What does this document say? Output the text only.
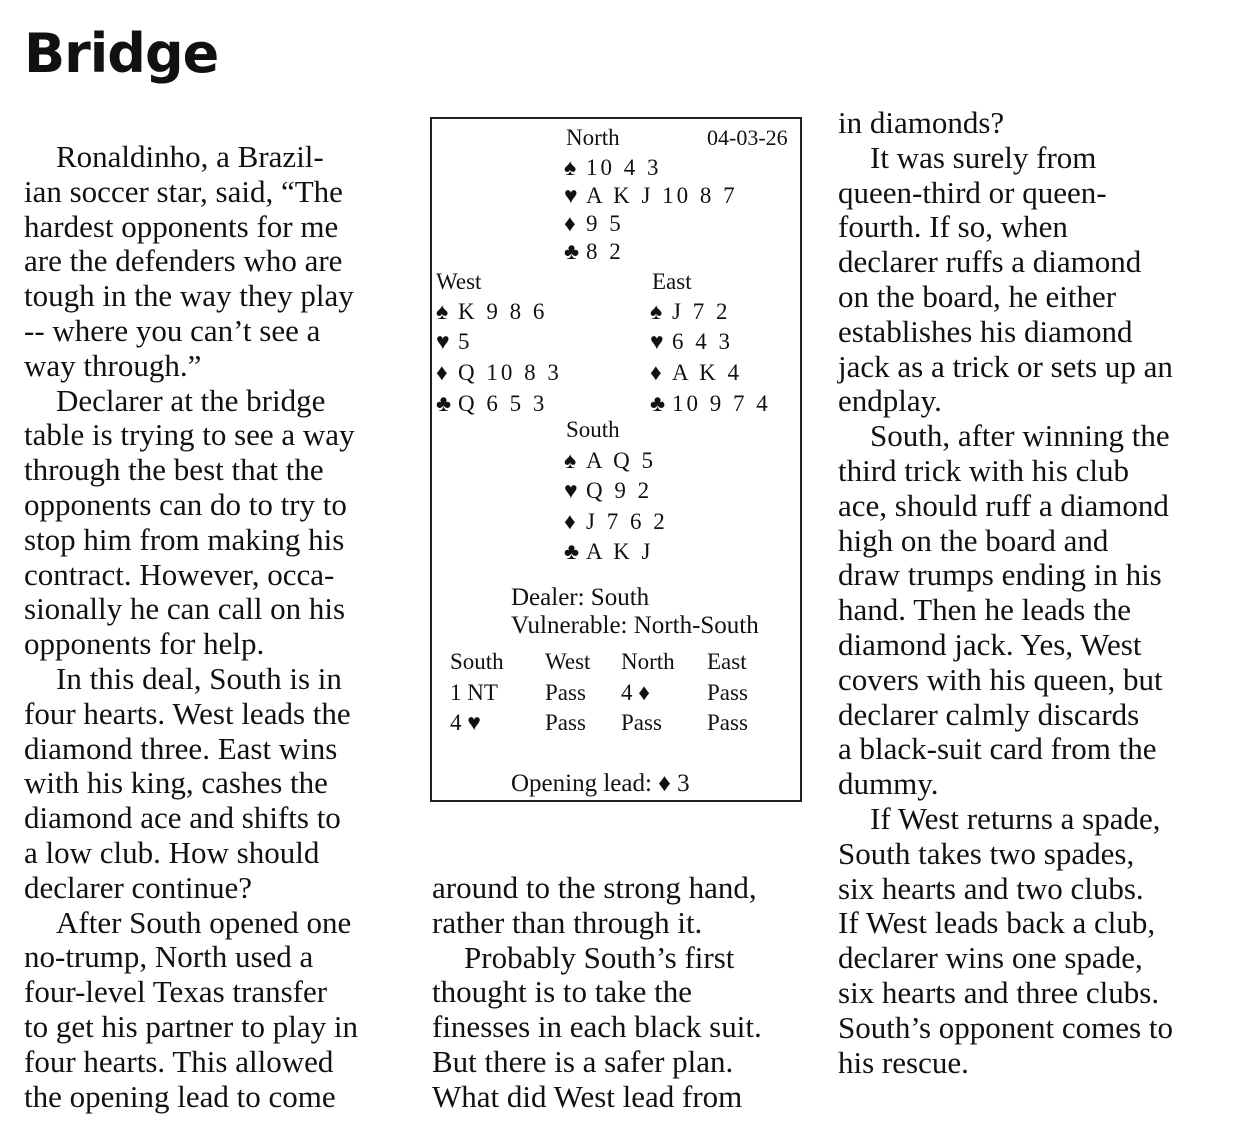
Bridge
Ronaldinho, a Brazil-
ian soccer star, said, “The
hardest opponents for me
are the defenders who are
tough in the way they play
-- where you can’t see a
way through.”
Declarer at the bridge
table is trying to see a way
through the best that the
opponents can do to try to
stop him from making his
contract. However, occa-
sionally he can call on his
opponents for help.
In this deal, South is in
four hearts. West leads the
diamond three. East wins
with his king, cashes the
diamond ace and shifts to
a low club. How should
declarer continue?
After South opened one
no-trump, North used a
four-level Texas transfer
to get his partner to play in
four hearts. This allowed
the opening lead to come
around to the strong hand,
rather than through it.
Probably South’s first
thought is to take the
finesses in each black suit.
But there is a safer plan.
What did West lead from
in diamonds?
It was surely from
queen-third or queen-
fourth. If so, when
declarer ruffs a diamond
on the board, he either
establishes his diamond
jack as a trick or sets up an
endplay.
South, after winning the
third trick with his club
ace, should ruff a diamond
high on the board and
draw trumps ending in his
hand. Then he leads the
diamond jack. Yes, West
covers with his queen, but
declarer calmly discards
a black-suit card from the
dummy.
If West returns a spade,
South takes two spades,
six hearts and two clubs.
If West leads back a club,
declarer wins one spade,
six hearts and three clubs.
South’s opponent comes to
his rescue.
North	04-03-26
♠ 10 4 3
♥ A K J 10 8 7
♦ 9 5
♣ 8 2
West
♠ K 9 8 6
♥ 5
♦ Q 10 8 3
♣ Q 6 5 3
East
♠ J 7 2
♥ 6 4 3
♦ A K 4
♣ 10 9 7 4
South
♠ A Q 5
♥ Q 9 2
♦ J 7 6 2
♣ A K J
Dealer: South
Vulnerable: North-South
South West North East
1 NT Pass 4 ♦ Pass
4 ♥	Pass Pass Pass
Opening lead: ♦ 3
